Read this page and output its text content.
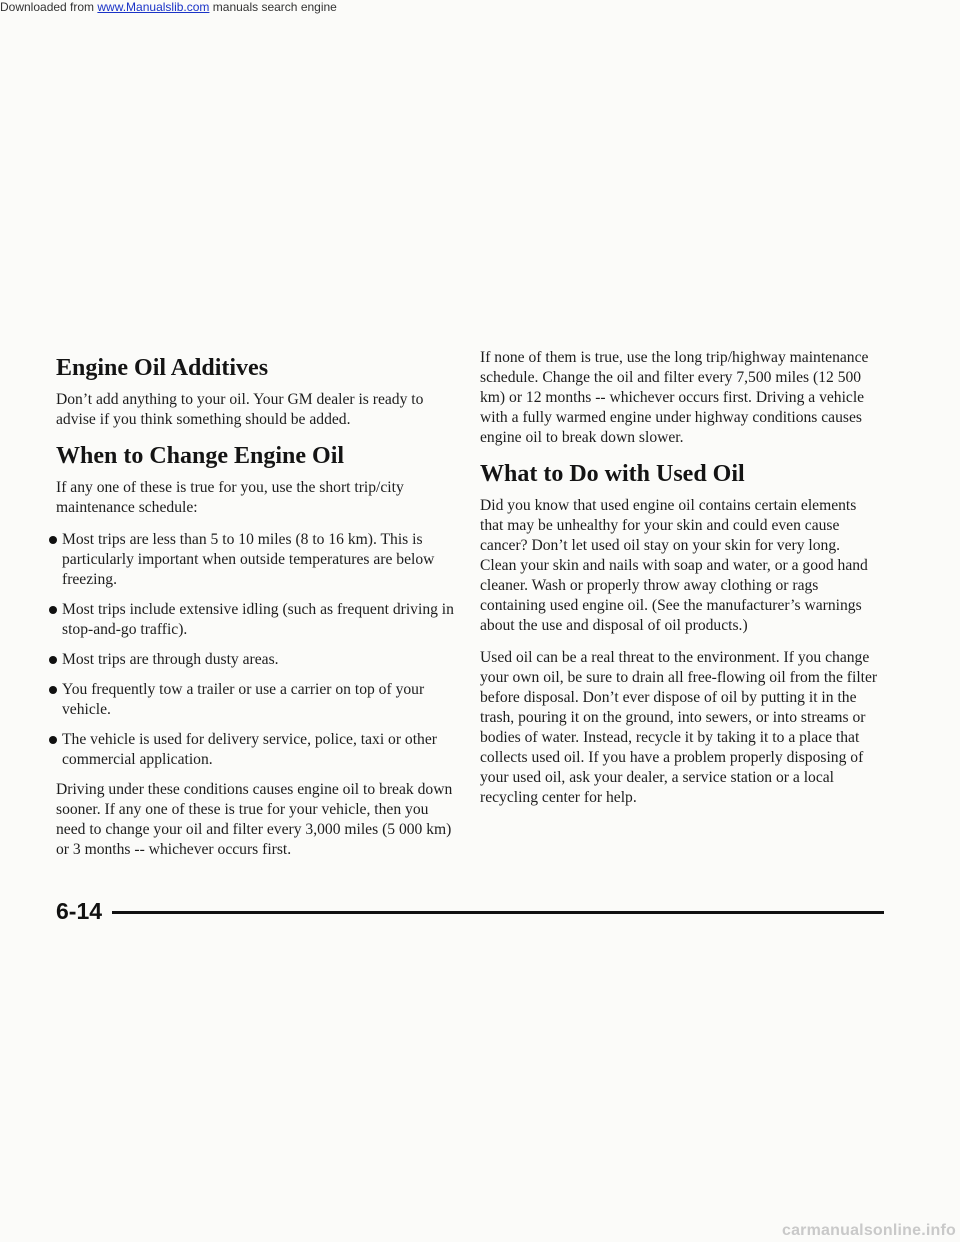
Engine Oil Additives

Don’t add anything to your oil. Your GM dealer is ready to advise if you think something should be added.

When to Change Engine Oil

If any one of these is true for you, use the short trip/city maintenance schedule:

Most trips are less than 5 to 10 miles (8 to 16 km). This is particularly important when outside temperatures are below freezing.
Most trips include extensive idling (such as frequent driving in stop-and-go traffic).
Most trips are through dusty areas.
You frequently tow a trailer or use a carrier on top of your vehicle.
The vehicle is used for delivery service, police, taxi or other commercial application.

Driving under these conditions causes engine oil to break down sooner. If any one of these is true for your vehicle, then you need to change your oil and filter every 3,000 miles (5 000 km) or 3 months -- whichever occurs first.

If none of them is true, use the long trip/highway maintenance schedule. Change the oil and filter every 7,500 miles (12 500 km) or 12 months -- whichever occurs first. Driving a vehicle with a fully warmed engine under highway conditions causes engine oil to break down slower.

What to Do with Used Oil

Did you know that used engine oil contains certain elements that may be unhealthy for your skin and could even cause cancer? Don’t let used oil stay on your skin for very long. Clean your skin and nails with soap and water, or a good hand cleaner. Wash or properly throw away clothing or rags containing used engine oil. (See the manufacturer’s warnings about the use and disposal of oil products.)

Used oil can be a real threat to the environment. If you change your own oil, be sure to drain all free-flowing oil from the filter before disposal. Don’t ever dispose of oil by putting it in the trash, pouring it on the ground, into sewers, or into streams or bodies of water. Instead, recycle it by taking it to a place that collects used oil. If you have a problem properly disposing of your used oil, ask your dealer, a service station or a local recycling center for help.

6-14
Downloaded from www.Manualslib.com manuals search engine
carmanualsonline.info
